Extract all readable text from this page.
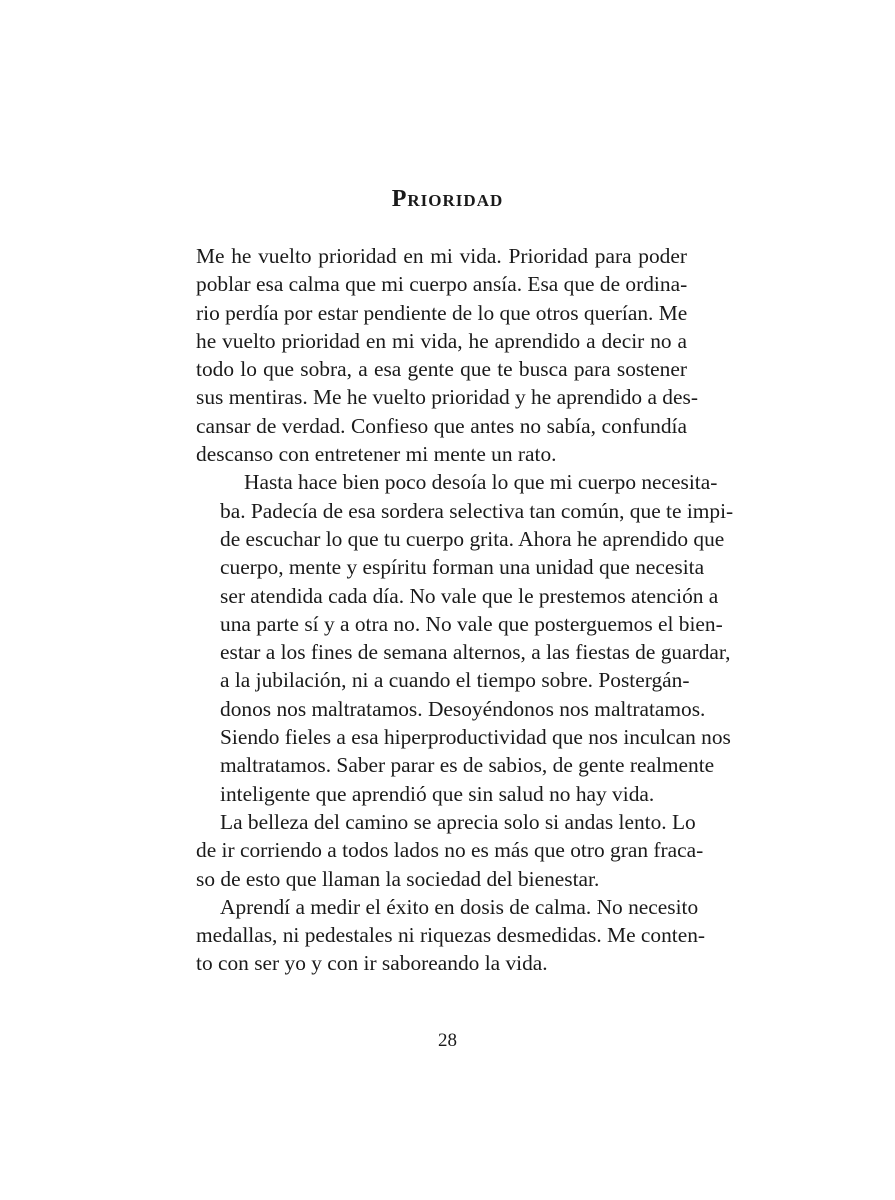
Prioridad

Me he vuelto prioridad en mi vida. Prioridad para poder
poblar esa calma que mi cuerpo ansía. Esa que de ordina-
rio perdía por estar pendiente de lo que otros querían. Me
he vuelto prioridad en mi vida, he aprendido a decir no a
todo lo que sobra, a esa gente que te busca para sostener
sus mentiras. Me he vuelto prioridad y he aprendido a des-
cansar de verdad. Confieso que antes no sabía, confundía
descanso con entretener mi mente un rato.

Hasta hace bien poco desoía lo que mi cuerpo necesita-
ba. Padecía de esa sordera selectiva tan común, que te impi-
de escuchar lo que tu cuerpo grita. Ahora he aprendido que
cuerpo, mente y espíritu forman una unidad que necesita
ser atendida cada día. No vale que le prestemos atención a
una parte sí y a otra no. No vale que posterguemos el bien-
estar a los fines de semana alternos, a las fiestas de guardar,
a la jubilación, ni a cuando el tiempo sobre. Postergán-
donos nos maltratamos. Desoyéndonos nos maltratamos.
Siendo fieles a esa hiperproductividad que nos inculcan nos
maltratamos. Saber parar es de sabios, de gente realmente
inteligente que aprendió que sin salud no hay vida.

La belleza del camino se aprecia solo si andas lento. Lo
de ir corriendo a todos lados no es más que otro gran fraca-
so de esto que llaman la sociedad del bienestar.

Aprendí a medir el éxito en dosis de calma. No necesito
medallas, ni pedestales ni riquezas desmedidas. Me conten-
to con ser yo y con ir saboreando la vida.

28
